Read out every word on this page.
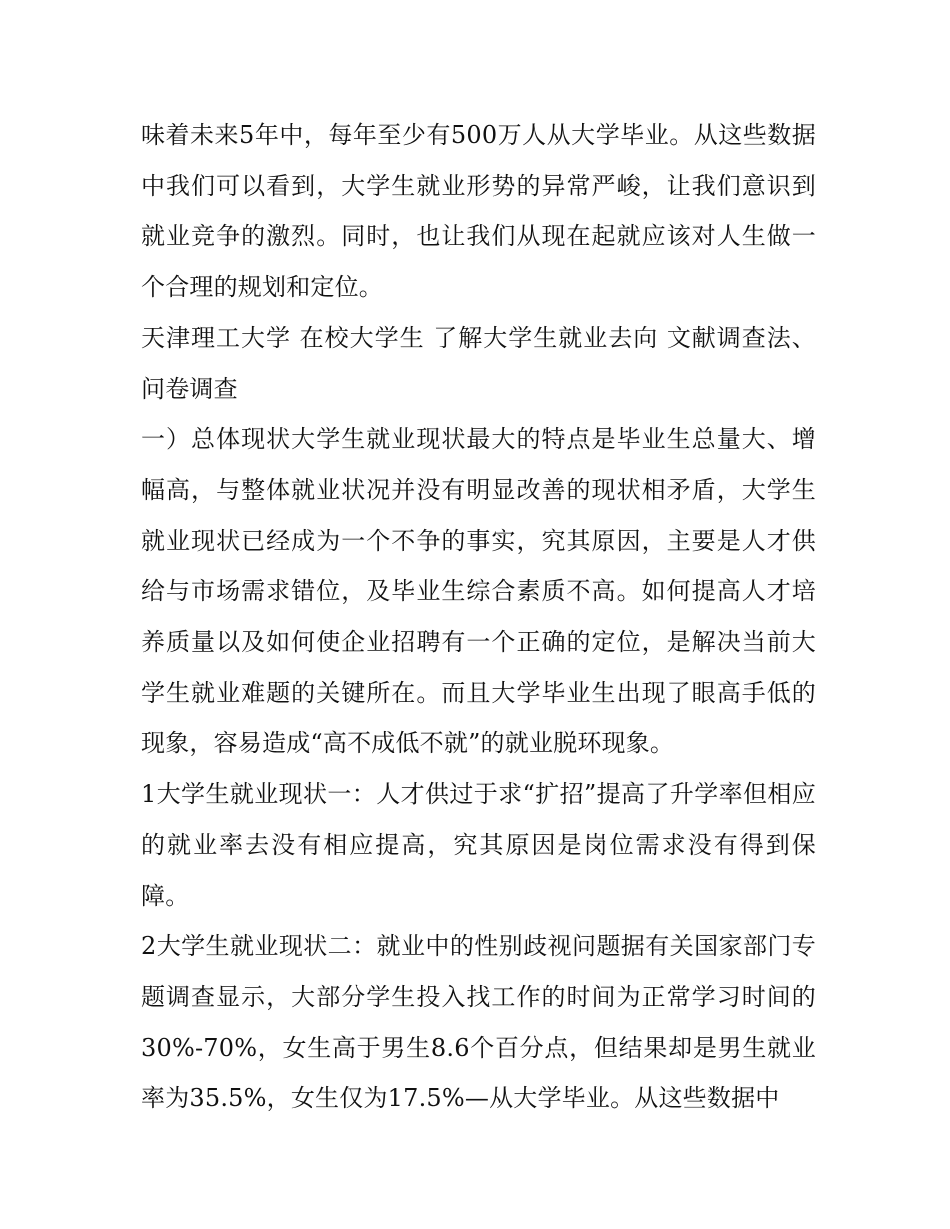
味着未来5年中，每年至少有500万人从大学毕业。从这些数据中我们可以看到，大学生就业形势的异常严峻，让我们意识到就业竞争的激烈。同时，也让我们从现在起就应该对人生做一个合理的规划和定位。

天津理工大学 在校大学生 了解大学生就业去向 文献调查法、问卷调查

一）总体现状大学生就业现状最大的特点是毕业生总量大、增幅高，与整体就业状况并没有明显改善的现状相矛盾，大学生就业现状已经成为一个不争的事实，究其原因，主要是人才供给与市场需求错位，及毕业生综合素质不高。如何提高人才培养质量以及如何使企业招聘有一个正确的定位，是解决当前大学生就业难题的关键所在。而且大学毕业生出现了眼高手低的现象，容易造成“高不成低不就”的就业脱环现象。

1大学生就业现状一：人才供过于求“扩招”提高了升学率但相应的就业率去没有相应提高，究其原因是岗位需求没有得到保障。

2大学生就业现状二：就业中的性别歧视问题据有关国家部门专题调查显示，大部分学生投入找工作的时间为正常学习时间的30%-70%，女生高于男生8.6个百分点，但结果却是男生就业率为35.5%，女生仅为17.5%—从大学毕业。从这些数据中
